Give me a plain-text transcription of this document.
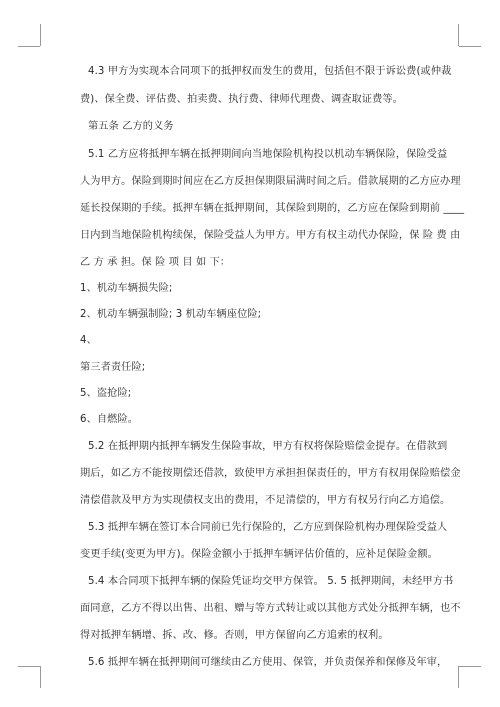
4.3 甲方为实现本合同项下的抵押权而发生的费用，包括但不限于诉讼费(或仲裁
费)、保全费、评估费、拍卖费、执行费、律师代理费、调查取证费等。
第五条 乙方的义务
5.1 乙方应将抵押车辆在抵押期间向当地保险机构投以机动车辆保险，保险受益
人为甲方。保险到期时间应在乙方反担保期限届满时间之后。借款展期的乙方应办理
延长投保期的手续。抵押车辆在抵押期间，其保险到期的，乙方应在保险到期前 ____
日内到当地保险机构续保，保险受益人为甲方。甲方有权主动代办保险，保 险 费 由
乙 方 承 担。保 险 项 目 如 下：
1、机动车辆损失险;
2、机动车辆强制险; 3 机动车辆座位险;
4、
第三者责任险;
5、盗抢险;
6、自燃险。
5.2 在抵押期内抵押车辆发生保险事故，甲方有权将保险赔偿金提存。在借款到
期后，如乙方不能按期偿还借款，致使甲方承担担保责任的，甲方有权用保险赔偿金
清偿借款及甲方为实现债权支出的费用，不足清偿的，甲方有权另行向乙方追偿。
5.3 抵押车辆在签订本合同前已先行保险的，乙方应到保险机构办理保险受益人
变更手续(变更为甲方)。保险金额小于抵押车辆评估价值的，应补足保险金额。
5.4 本合同项下抵押车辆的保险凭证均交甲方保管。 5. 5 抵押期间，未经甲方书
面同意，乙方不得以出售、出租、赠与等方式转让或以其他方式处分抵押车辆，也不
得对抵押车辆增、拆、改、修。否则，甲方保留向乙方追索的权利。
5.6 抵押车辆在抵押期间可继续由乙方使用、保管，并负责保养和保修及年审，
